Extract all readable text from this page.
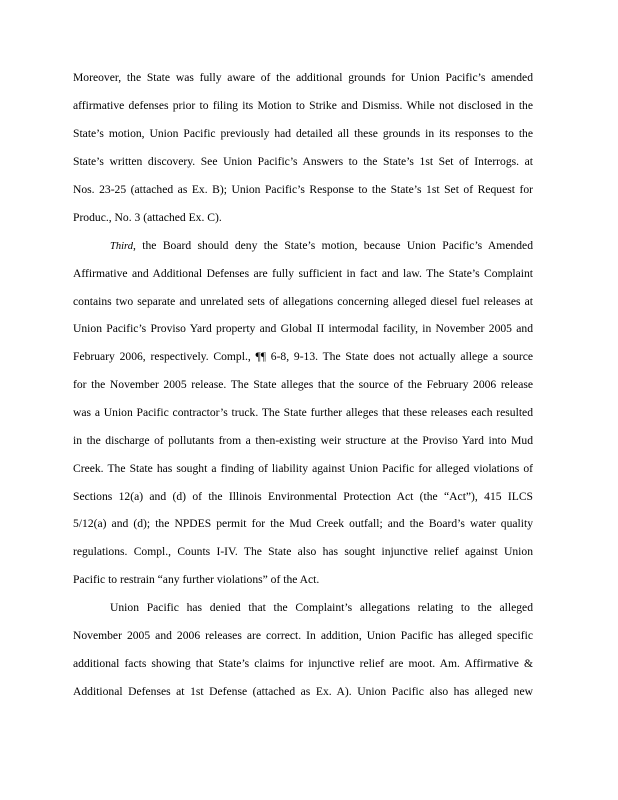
Moreover, the State was fully aware of the additional grounds for Union Pacific’s amended
affirmative defenses prior to filing its Motion to Strike and Dismiss. While not disclosed in the
State’s motion, Union Pacific previously had detailed all these grounds in its responses to the
State’s written discovery. See Union Pacific’s Answers to the State’s 1st Set of Interrogs. at
Nos. 23-25 (attached as Ex. B); Union Pacific’s Response to the State’s 1st Set of Request for
Produc., No. 3 (attached Ex. C).
Third, the Board should deny the State’s motion, because Union Pacific’s Amended
Affirmative and Additional Defenses are fully sufficient in fact and law. The State’s Complaint
contains two separate and unrelated sets of allegations concerning alleged diesel fuel releases at
Union Pacific’s Proviso Yard property and Global II intermodal facility, in November 2005 and
February 2006, respectively. Compl., ¶¶ 6-8, 9-13. The State does not actually allege a source
for the November 2005 release. The State alleges that the source of the February 2006 release
was a Union Pacific contractor’s truck. The State further alleges that these releases each resulted
in the discharge of pollutants from a then-existing weir structure at the Proviso Yard into Mud
Creek. The State has sought a finding of liability against Union Pacific for alleged violations of
Sections 12(a) and (d) of the Illinois Environmental Protection Act (the “Act”), 415 ILCS
5/12(a) and (d); the NPDES permit for the Mud Creek outfall; and the Board’s water quality
regulations. Compl., Counts I-IV. The State also has sought injunctive relief against Union
Pacific to restrain “any further violations” of the Act.
Union Pacific has denied that the Complaint’s allegations relating to the alleged
November 2005 and 2006 releases are correct. In addition, Union Pacific has alleged specific
additional facts showing that State’s claims for injunctive relief are moot. Am. Affirmative &
Additional Defenses at 1st Defense (attached as Ex. A). Union Pacific also has alleged new
